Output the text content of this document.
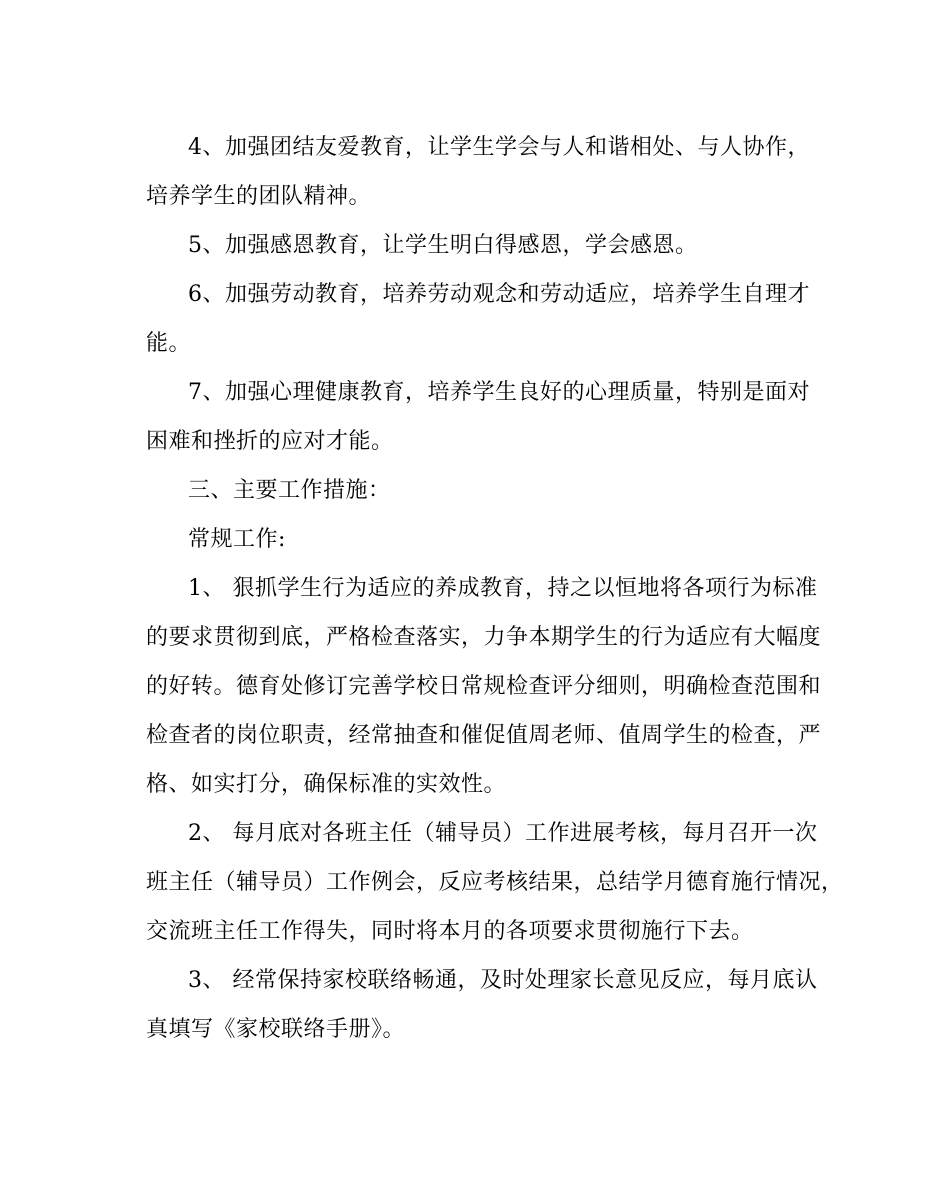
4、加强团结友爱教育，让学生学会与人和谐相处、与人协作，
培养学生的团队精神。
5、加强感恩教育，让学生明白得感恩，学会感恩。
6、加强劳动教育，培养劳动观念和劳动适应，培养学生自理才
能。
7、加强心理健康教育，培养学生良好的心理质量，特别是面对
困难和挫折的应对才能。
三、主要工作措施：
常规工作:
1、 狠抓学生行为适应的养成教育，持之以恒地将各项行为标准
的要求贯彻到底，严格检查落实，力争本期学生的行为适应有大幅度
的好转。德育处修订完善学校日常规检查评分细则，明确检查范围和
检查者的岗位职责，经常抽查和催促值周老师、值周学生的检查，严
格、如实打分，确保标准的实效性。
2、 每月底对各班主任（辅导员）工作进展考核，每月召开一次
班主任（辅导员）工作例会，反应考核结果，总结学月德育施行情况，
交流班主任工作得失，同时将本月的各项要求贯彻施行下去。
3、 经常保持家校联络畅通，及时处理家长意见反应，每月底认
真填写《家校联络手册》。
